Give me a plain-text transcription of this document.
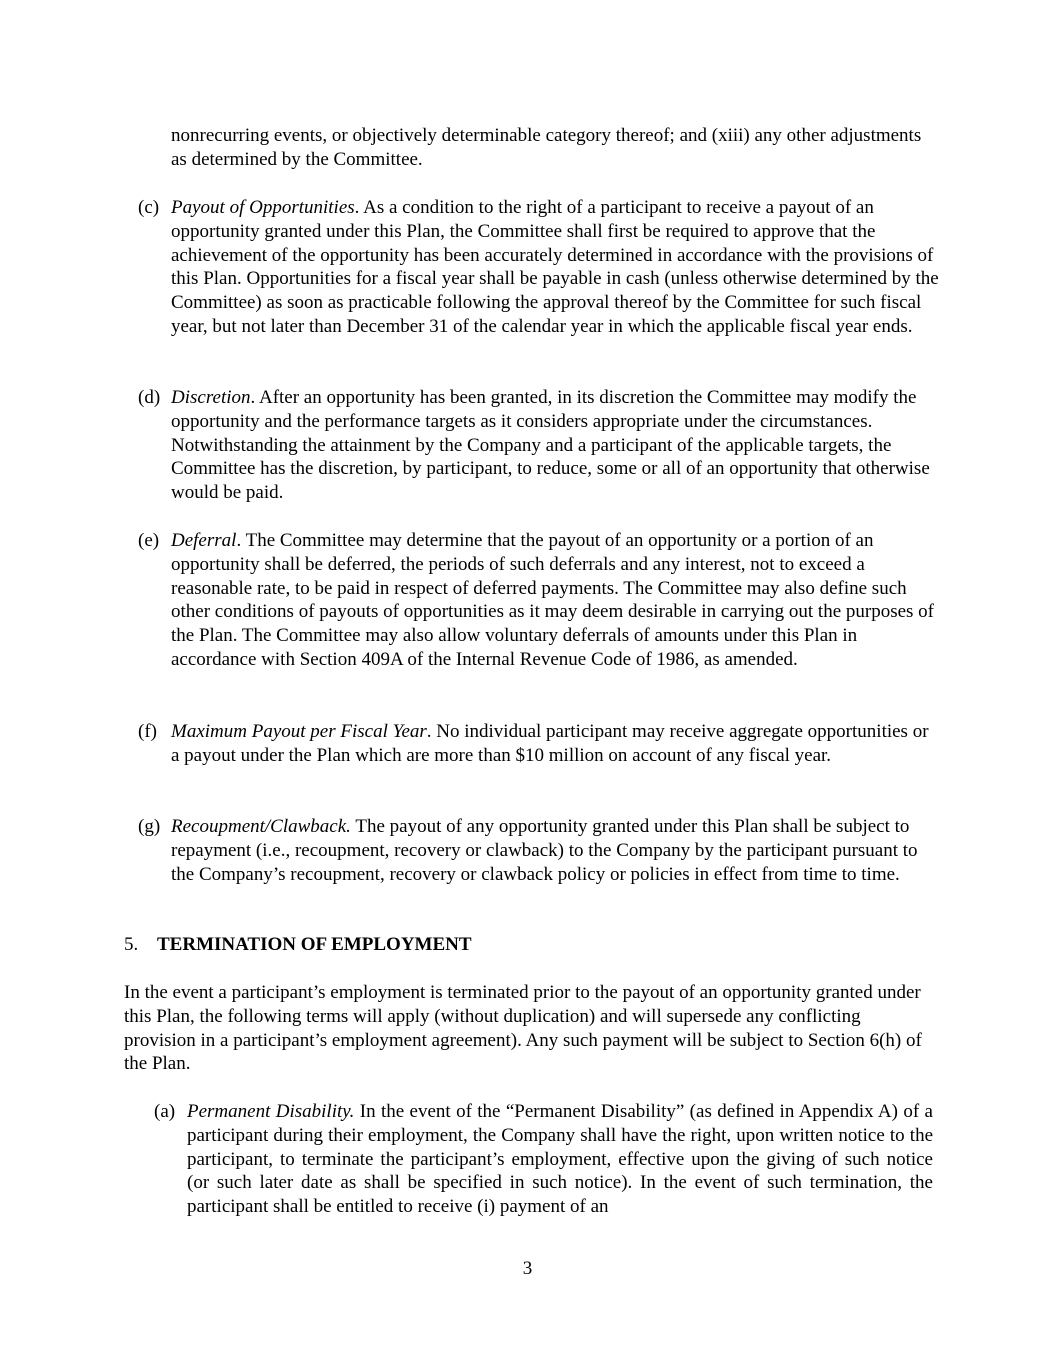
nonrecurring events, or objectively determinable category thereof; and (xiii) any other adjustments as determined by the Committee.
(c) Payout of Opportunities. As a condition to the right of a participant to receive a payout of an opportunity granted under this Plan, the Committee shall first be required to approve that the achievement of the opportunity has been accurately determined in accordance with the provisions of this Plan. Opportunities for a fiscal year shall be payable in cash (unless otherwise determined by the Committee) as soon as practicable following the approval thereof by the Committee for such fiscal year, but not later than December 31 of the calendar year in which the applicable fiscal year ends.
(d) Discretion. After an opportunity has been granted, in its discretion the Committee may modify the opportunity and the performance targets as it considers appropriate under the circumstances. Notwithstanding the attainment by the Company and a participant of the applicable targets, the Committee has the discretion, by participant, to reduce, some or all of an opportunity that otherwise would be paid.
(e) Deferral. The Committee may determine that the payout of an opportunity or a portion of an opportunity shall be deferred, the periods of such deferrals and any interest, not to exceed a reasonable rate, to be paid in respect of deferred payments. The Committee may also define such other conditions of payouts of opportunities as it may deem desirable in carrying out the purposes of the Plan. The Committee may also allow voluntary deferrals of amounts under this Plan in accordance with Section 409A of the Internal Revenue Code of 1986, as amended.
(f) Maximum Payout per Fiscal Year. No individual participant may receive aggregate opportunities or a payout under the Plan which are more than $10 million on account of any fiscal year.
(g) Recoupment/Clawback. The payout of any opportunity granted under this Plan shall be subject to repayment (i.e., recoupment, recovery or clawback) to the Company by the participant pursuant to the Company’s recoupment, recovery or clawback policy or policies in effect from time to time.
5. TERMINATION OF EMPLOYMENT
In the event a participant’s employment is terminated prior to the payout of an opportunity granted under this Plan, the following terms will apply (without duplication) and will supersede any conflicting provision in a participant’s employment agreement). Any such payment will be subject to Section 6(h) of the Plan.
(a) Permanent Disability. In the event of the “Permanent Disability” (as defined in Appendix A) of a participant during their employment, the Company shall have the right, upon written notice to the participant, to terminate the participant’s employment, effective upon the giving of such notice (or such later date as shall be specified in such notice). In the event of such termination, the participant shall be entitled to receive (i) payment of an
3
